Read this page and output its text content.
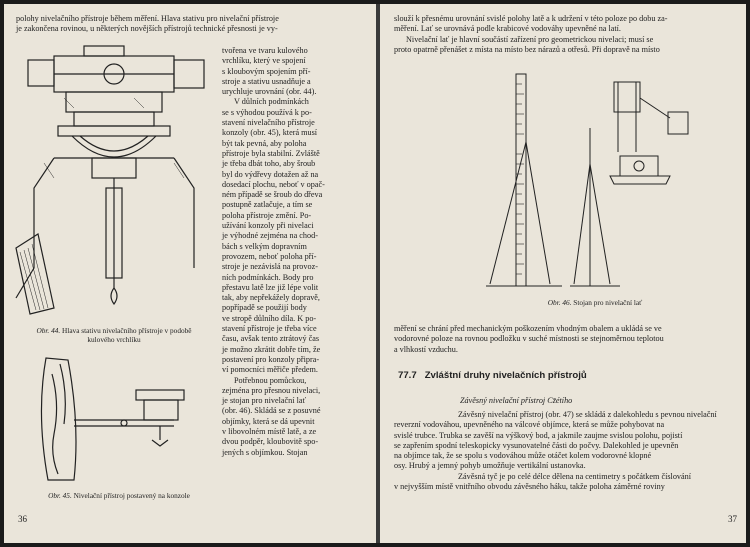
polohy nivelačního přístroje během měření. Hlava stativu pro nivelační přístroje
je zakončena rovinou, u některých novějších přístrojů technické přesnosti je vy-

Obr. 44. Hlava stativu nivelačního přístroje v podobě kulového vrchlíku

Obr. 45. Nivelační přístroj postavený na konzole

tvořena ve tvaru kulového
vrchlíku, který ve spojení
s kloubovým spojením pří-
stroje a stativu usnadňuje a
urychluje urovnání (obr. 44).
V důlních podmínkách
se s výhodou používá k po-
stavení nivelačního přístroje
konzoly (obr. 45), která musí
být tak pevná, aby poloha
přístroje byla stabilní. Zvláště
je třeba dbát toho, aby šroub
byl do výdřevy dotažen až na
dosedací plochu, neboť v opač-
ném případě se šroub do dřeva
postupně zatlačuje, a tím se
poloha přístroje změní. Po-
užívání konzoly při nivelaci
je výhodné zejména na chod-
bách s velkým dopravním
provozem, neboť poloha pří-
stroje je nezávislá na provoz-
ních podmínkách. Body pro
přestavu latě lze již lépe volit
tak, aby nepřekážely dopravě,
popřípadě se použijí body
ve stropě důlního díla. K po-
stavení přístroje je třeba více
času, avšak tento ztrátový čas
je možno zkrátit dobře tím, že
postavení pro konzoly připra-
ví pomocníci měřiče předem.
Potřebnou pomůckou,
zejména pro přesnou nivelaci,
je stojan pro nivelační lať
(obr. 46). Skládá se z posuvné
objímky, která se dá upevnit
v libovolném místě latě, a ze
dvou podpěr, kloubovitě spo-
jených s objímkou. Stojan

36

slouží k přesnému urovnání svislé polohy latě a k udržení v této poloze po dobu za-
měření. Lať se urovnává podle krabicové vodováhy upevněné na latí.
Nivelační lať je hlavní součástí zařízení pro geometrickou nivelaci; musí se
proto opatrně přenášet z místa na místo bez nárazů a otřesů. Při dopravě na místo

Obr. 46. Stojan pro nivelační lať

měření se chrání před mechanickým poškozením vhodným obalem a ukládá se ve
vodorovné poloze na rovnou podložku v suché místnosti se stejnoměrnou teplotou
a vlhkostí vzduchu.

77.7 Zvláštní druhy nivelačních přístrojů
Závěsný nivelační přístroj Cz̄étího

Závěsný nivelační přístroj (obr. 47) se skládá z dalekohledu s pevnou nivelační
reverzní vodováhou, upevněného na válcové objímce, která se může pohybovat na
svislé trubce. Trubka se zavěší na výškový bod, a jakmile zaujme svislou polohu, pojistí
se zapřením spodní teleskopicky vysunovatelné části do počvy. Dalekohled je upevněn
na objímce tak, že se spolu s vodováhou může otáčet kolem vodorovné klopné
osy. Hrubý a jemný pohyb umožňuje vertikální ustanovka.
Závěsná tyč je po celé délce dělena na centimetry s počátkem číslování
v nejvyšším místě vnitřního obvodu závěsného háku, takže poloha záměrné roviny

37
